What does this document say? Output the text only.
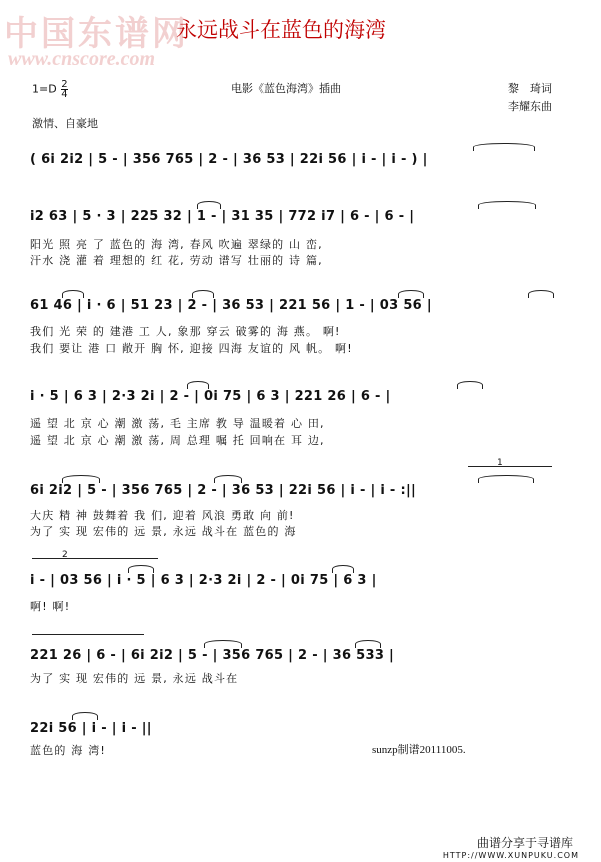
中国东谱网
www.cnscore.com
永远战斗在蓝色的海湾
$1=D \frac{2}{4}$	电影《蓝色海湾》插曲	黎　琦词
李耀东曲
激情、自豪地
( 6i 2i2 | 5 - | 356 765 | 2 - | 36 53 | 22i 56 | i - | i - ) |
i2 63 | 5 · 3 | 225 32 | 1 - | 31 35 | 772 i7 | 6 - | 6 - |
阳光 照 亮 了 蓝色的 海 湾, 春风 吹遍 翠绿的 山 峦,
汗水 浇 灌 着 理想的 红 花, 劳动 谱写 壮丽的 诗 篇,
61 46 | i · 6 | 51 23 | 2 - | 36 53 | 221 56 | 1 - | 03 56 |
我们 光 荣 的 建港 工 人, 象那 穿云 破雾的 海 燕。 啊!
我们 要让 港 口 敞开 胸 怀, 迎接 四海 友谊的 风 帆。 啊!
i · 5 | 6 3 | 2·3 2i | 2 - | 0i 75 | 6 3 | 221 26 | 6 - |
遥 望 北 京 心 潮 激 荡, 毛 主席 教 导 温暖着 心 田,
遥 望 北 京 心 潮 激 荡, 周 总理 嘱 托 回响在 耳 边,
1
6i 2i2 | 5 - | 356 765 | 2 - | 36 53 | 22i 56 | i - | i - :||
大庆 精 神 鼓舞着 我 们, 迎着 风浪 勇敢 向 前!
为了 实 现 宏伟的 远 景, 永远 战斗在 蓝色的 海
2
i - | 03 56 | i · 5 | 6 3 | 2·3 2i | 2 - | 0i 75 | 6 3 |
啊! 啊!
221 26 | 6 - | 6i 2i2 | 5 - | 356 765 | 2 - | 36 533 |
为了 实 现 宏伟的 远 景, 永远 战斗在
22i 56 | i - | i - ||
蓝色的 海 湾!	sunzp制谱20111005.
曲谱分享于寻谱库
HTTP://WWW.XUNPUKU.COM
